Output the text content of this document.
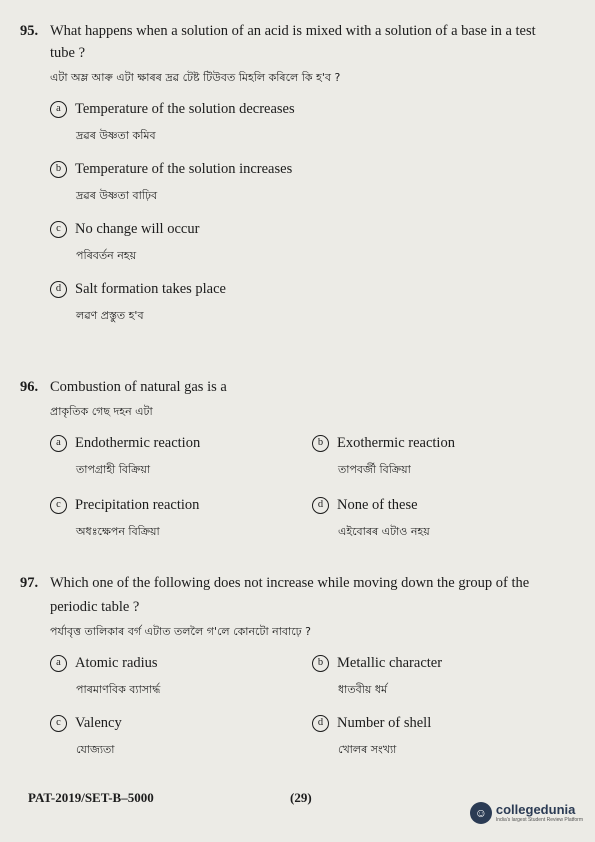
95. What happens when a solution of an acid is mixed with a solution of a base in a test
tube ?
এটা অম্ল আৰু এটা ক্ষাৰৰ দ্ৰৱ টেষ্ট টিউবত মিহলি কৰিলে কি হ'ব ?
a Temperature of the solution decreases
দ্ৰৱৰ উষ্ণতা কমিব
b Temperature of the solution increases
দ্ৰৱৰ উষ্ণতা বাঢ়িব
c No change will occur
পৰিবৰ্তন নহয়
d Salt formation takes place
লৱণ প্ৰস্তুত হ'ব
96. Combustion of natural gas is a
প্ৰাকৃতিক গেছ দহন এটা
a Endothermic reaction
তাপগ্ৰাহী বিক্ৰিয়া
b Exothermic reaction
তাপবৰ্জী বিক্ৰিয়া
c Precipitation reaction
অধঃক্ষেপন বিক্ৰিয়া
d None of these
এইবোৰৰ এটাও নহয়
97. Which one of the following does not increase while moving down the group of the
periodic table ?
পৰ্যাবৃত্ত তালিকাৰ বৰ্গ এটাত তললৈ গ'লে কোনটো নাবাঢ়ে ?
a Atomic radius
পাৰমাণবিক ব্যাসাৰ্দ্ধ
b Metallic character
ধাতবীয় ধৰ্ম
c Valency
যোজ্যতা
d Number of shell
খোলৰ সংখ্যা
PAT-2019/SET-B–5000	(29)
☺ collegedunia
India's largest Student Review Platform
